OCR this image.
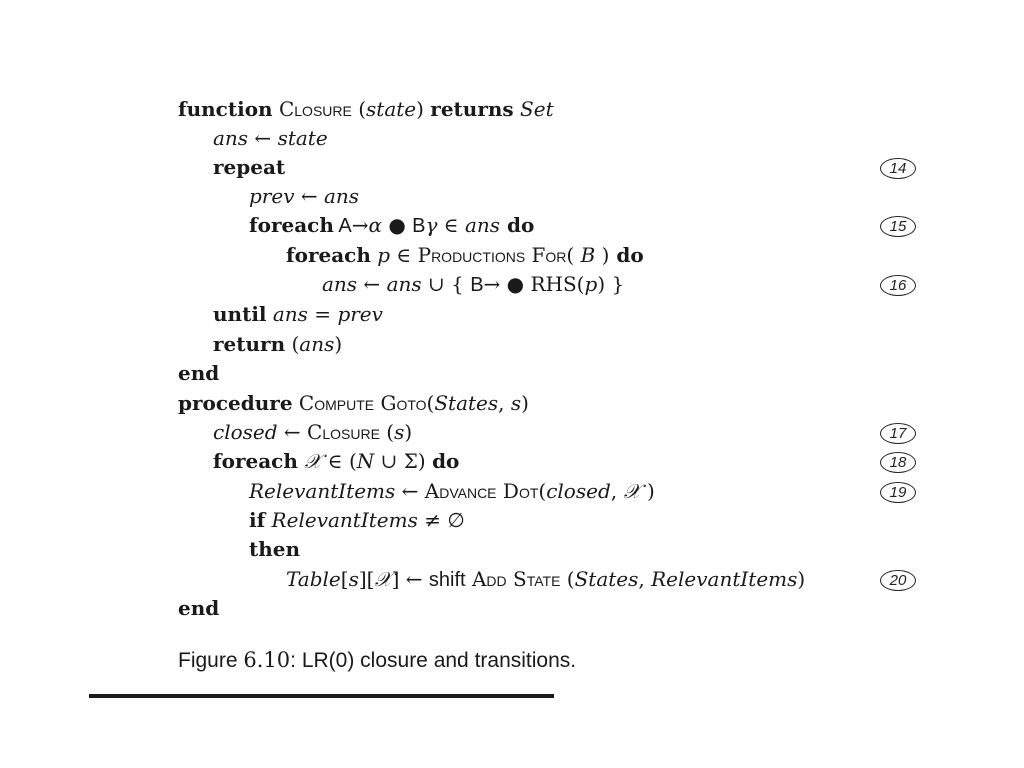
function CLOSURE (state) returns Set
ans ← state
repeat
prev ← ans
foreach A→α ● Bγ ∈ ans do
foreach p ∈ PRODUCTIONS FOR( B ) do
ans ← ans ∪ { B→ ● RHS(p) }
until ans = prev
return (ans)
end
procedure COMPUTE GOTO(States, s)
closed ← CLOSURE (s)
foreach 𝒳 ∈ (N ∪ Σ) do
RelevantItems ← ADVANCE DOT(closed, 𝒳 )
if RelevantItems ≠ ∅
then
Table[s][𝒳] ← shift ADD STATE (States, RelevantItems)
end
14
15
16
17
18
19
20
Figure 6.10: LR(0) closure and transitions.
